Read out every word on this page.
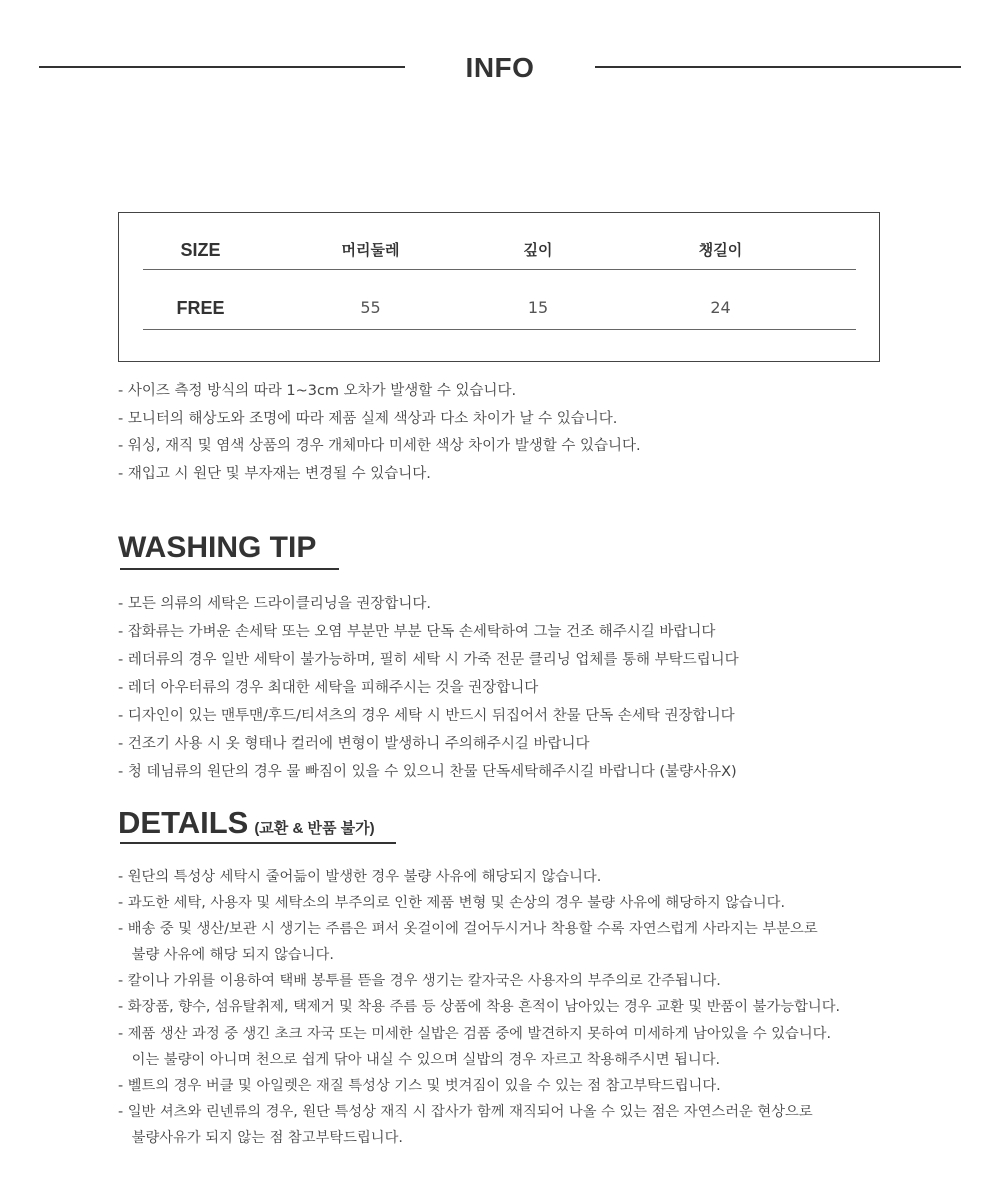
INFO
SIZE	머리둘레	깊이	챙길이
FREE	55	15	24
- 사이즈 측정 방식의 따라 1~3cm 오차가 발생할 수 있습니다.
- 모니터의 해상도와 조명에 따라 제품 실제 색상과 다소 차이가 날 수 있습니다.
- 워싱, 재직 및 염색 상품의 경우 개체마다 미세한 색상 차이가 발생할 수 있습니다.
- 재입고 시 원단 및 부자재는 변경될 수 있습니다.
WASHING TIP
- 모든 의류의 세탁은 드라이클리닝을 권장합니다.
- 잡화류는 가벼운 손세탁 또는 오염 부분만 부분 단독 손세탁하여 그늘 건조 해주시길 바랍니다
- 레더류의 경우 일반 세탁이 불가능하며, 필히 세탁 시 가죽 전문 클리닝 업체를 통해 부탁드립니다
- 레더 아우터류의 경우 최대한 세탁을 피해주시는 것을 권장합니다
- 디자인이 있는 맨투맨/후드/티셔츠의 경우 세탁 시 반드시 뒤집어서 찬물 단독 손세탁 권장합니다
- 건조기 사용 시 옷 형태나 컬러에 변형이 발생하니 주의해주시길 바랍니다
- 청 데님류의 원단의 경우 물 빠짐이 있을 수 있으니 찬물 단독세탁해주시길 바랍니다 (불량사유X)
DETAILS (교환 & 반품 불가)
- 원단의 특성상 세탁시 줄어듦이 발생한 경우 불량 사유에 해당되지 않습니다.
- 과도한 세탁, 사용자 및 세탁소의 부주의로 인한 제품 변형 및 손상의 경우 불량 사유에 해당하지 않습니다.
- 배송 중 및 생산/보관 시 생기는 주름은 펴서 옷걸이에 걸어두시거나 착용할 수록 자연스럽게 사라지는 부분으로
불량 사유에 해당 되지 않습니다.
- 칼이나 가위를 이용하여 택배 봉투를 뜯을 경우 생기는 칼자국은 사용자의 부주의로 간주됩니다.
- 화장품, 향수, 섬유탈취제, 택제거 및 착용 주름 등 상품에 착용 흔적이 남아있는 경우 교환 및 반품이 불가능합니다.
- 제품 생산 과정 중 생긴 초크 자국 또는 미세한 실밥은 검품 중에 발견하지 못하여 미세하게 남아있을 수 있습니다.
이는 불량이 아니며 천으로 쉽게 닦아 내실 수 있으며 실밥의 경우 자르고 착용해주시면 됩니다.
- 벨트의 경우 버클 및 아일렛은 재질 특성상 기스 및 벗겨짐이 있을 수 있는 점 참고부탁드립니다.
- 일반 셔츠와 린넨류의 경우, 원단 특성상 재직 시 잡사가 함께 재직되어 나올 수 있는 점은 자연스러운 현상으로
불량사유가 되지 않는 점 참고부탁드립니다.
